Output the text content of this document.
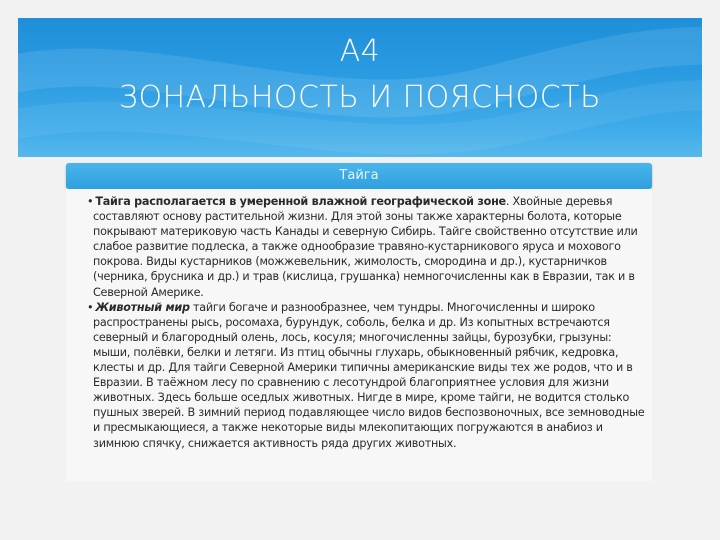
А4
ЗОНАЛЬНОСТЬ И ПОЯСНОСТЬ
Тайга
• Тайга располагается в умеренной влажной географической зоне. Хвойные деревья составляют основу растительной жизни. Для этой зоны также характерны болота, которые покрывают материковую часть Канады и северную Сибирь. Тайге свойственно отсутствие или слабое развитие подлеска, а также однообразие травяно-кустарникового яруса и мохового покрова. Виды кустарников (можжевельник, жимолость, смородина и др.), кустарничков (черника, брусника и др.) и трав (кислица, грушанка) немногочисленны как в Евразии, так и в Северной Америке.
• Животный мир тайги богаче и разнообразнее, чем тундры. Многочисленны и широко распространены рысь, росомаха, бурундук, соболь, белка и др. Из копытных встречаются северный и благородный олень, лось, косуля; многочисленны зайцы, бурозубки, грызуны: мыши, полёвки, белки и летяги. Из птиц обычны глухарь, обыкновенный рябчик, кедровка, клесты и др. Для тайги Северной Америки типичны американские виды тех же родов, что и в Евразии. В таёжном лесу по сравнению с лесотундрой благоприятнее условия для жизни животных. Здесь больше оседлых животных. Нигде в мире, кроме тайги, не водится столько пушных зверей. В зимний период подавляющее число видов беспозвоночных, все земноводные и пресмыкающиеся, а также некоторые виды млекопитающих погружаются в анабиоз и зимнюю спячку, снижается активность ряда других животных.
